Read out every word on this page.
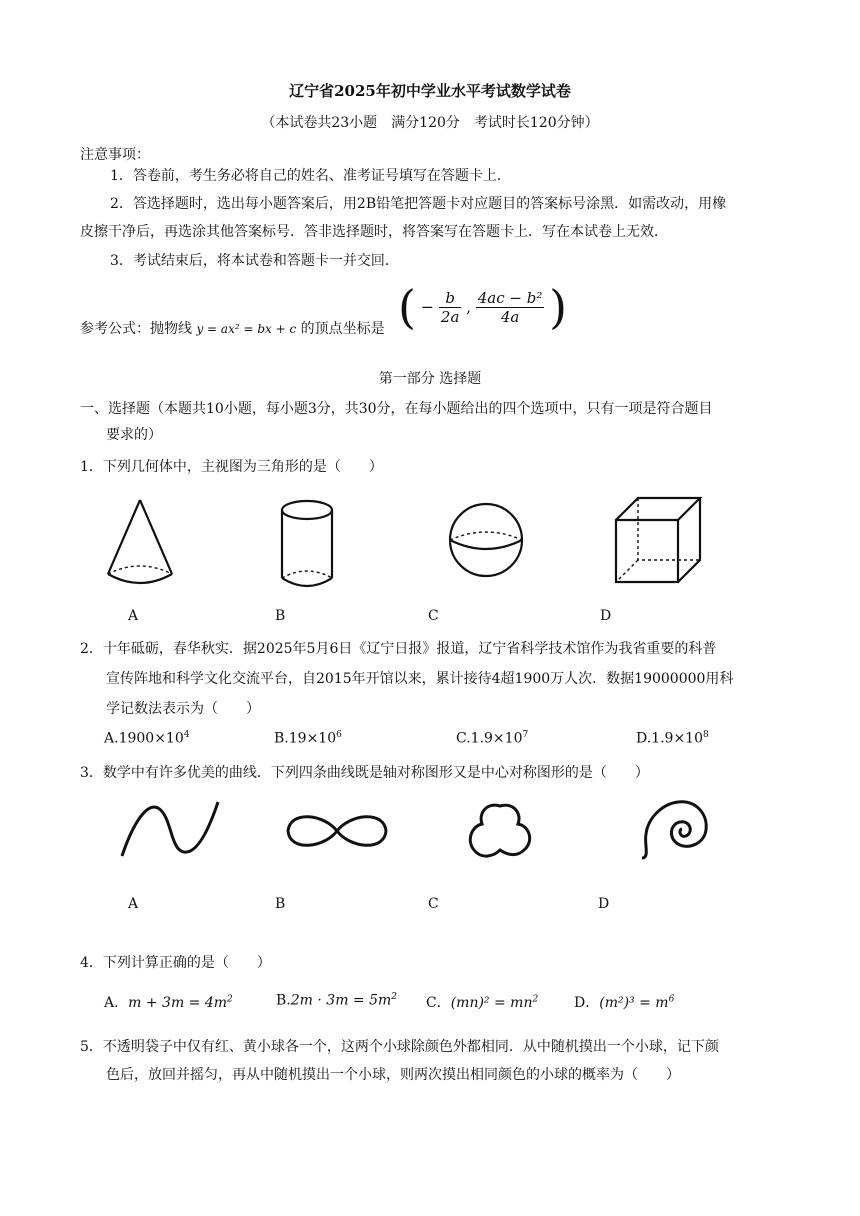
辽宁省2025年初中学业水平考试数学试卷
（本试卷共23小题　满分120分　考试时长120分钟）
注意事项：
1．答卷前，考生务必将自己的姓名、准考证号填写在答题卡上．
2．答选择题时，选出每小题答案后，用2B铅笔把答题卡对应题目的答案标号涂黑．如需改动，用橡
皮擦干净后，再选涂其他答案标号．答非选择题时，将答案写在答题卡上．写在本试卷上无效．
3．考试结束后，将本试卷和答题卡一并交回．
参考公式：抛物线 y = ax² = bx + c 的顶点坐标是 ( − $\frac{b}{2a}$ , $\frac{\text{4ac − b²}}{4a}$ )
第一部分 选择题
一、选择题（本题共10小题，每小题3分，共30分，在每小题给出的四个选项中，只有一项是符合题目
要求的）
1．下列几何体中，主视图为三角形的是（　　）
A	B	C	D
2．十年砥砺，春华秋实．据2025年5月6日《辽宁日报》报道，辽宁省科学技术馆作为我省重要的科普
宣传阵地和科学文化交流平台，自2015年开馆以来，累计接待4超1900万人次．数据19000000用科
学记数法表示为（　　）
$A.1900\times 10^4$	$B.19\times 10^6$	$C.1.9\times 10^7$	$D.1.9\times 10^8$
3．数学中有许多优美的曲线．下列四条曲线既是轴对称图形又是中心对称图形的是（　　）
A	B	C	D
4．下列计算正确的是（　　）
A．$m + 3m = 4m^2$	$B.2m \cdot 3m = 5m^2$ C．$(mn)^2 = mn^2$	D．$(m^2)^3 = m^6$
5．不透明袋子中仅有红、黄小球各一个，这两个小球除颜色外都相同．从中随机摸出一个小球，记下颜
色后，放回并摇匀，再从中随机摸出一个小球，则两次摸出相同颜色的小球的概率为（　　）
